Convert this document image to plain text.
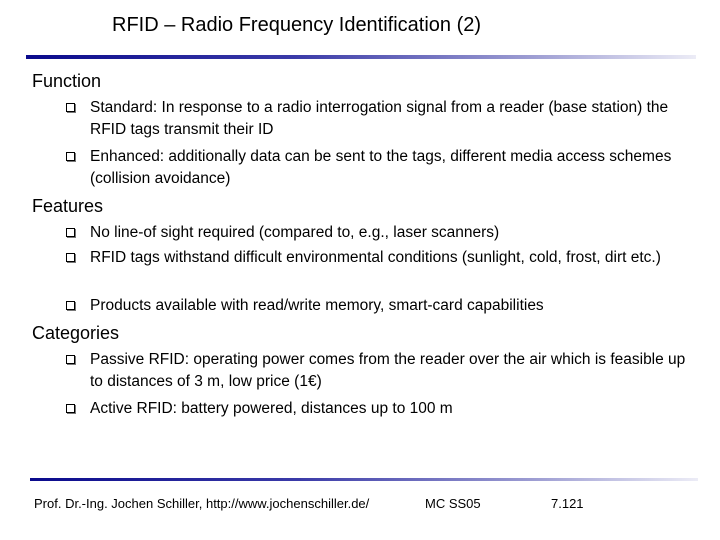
RFID – Radio Frequency Identification (2)
Function
Standard: In response to a radio interrogation signal from a reader (base station) the RFID tags transmit their ID
Enhanced: additionally data can be sent to the tags, different media access schemes (collision avoidance)
Features
No line-of sight required (compared to, e.g., laser scanners)
RFID tags withstand difficult environmental conditions (sunlight, cold, frost, dirt etc.)
Products available with read/write memory, smart-card capabilities
Categories
Passive RFID: operating power comes from the reader over the air which is feasible up to distances of 3 m, low price (1€)
Active RFID: battery powered, distances up to 100 m
Prof. Dr.-Ing. Jochen Schiller, http://www.jochenschiller.de/	MC SS05	7.121
